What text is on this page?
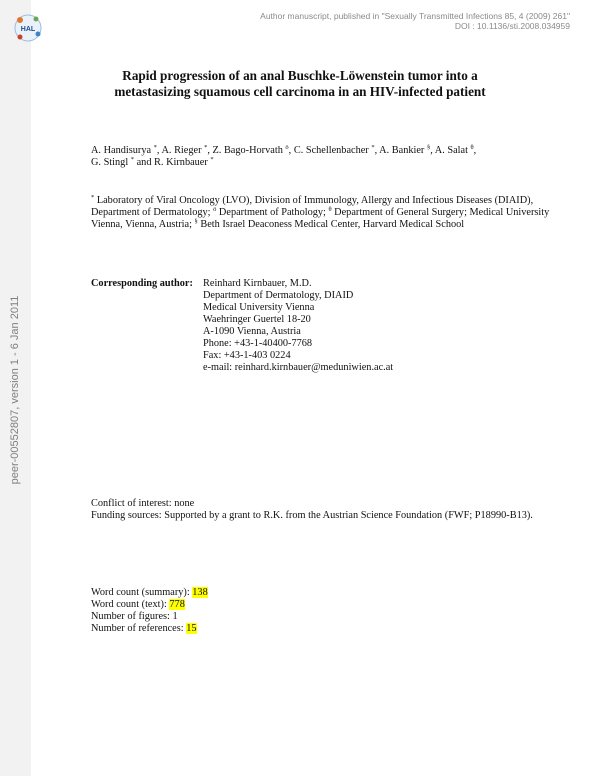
peer-00552807, version 1 - 6 Jan 2011
HAL
Author manuscript, published in "Sexually Transmitted Infections 85, 4 (2009) 261"
DOI : 10.1136/sti.2008.034959
Rapid progression of an anal Buschke-Löwenstein tumor into a
metastasizing squamous cell carcinoma in an HIV-infected patient
A. Handisurya *, A. Rieger *, Z. Bago-Horvath $^ö$, C. Schellenbacher *, A. Bankier §, A. Salat $^\theta$,
G. Stingl * and R. Kirnbauer *
* Laboratory of Viral Oncology (LVO), Division of Immunology, Allergy and Infectious Diseases (DIAID), Department of Dermatology; $^ö$ Department of Pathology; $^\theta$ Department of General Surgery; Medical University Vienna, Vienna, Austria; § Beth Israel Deaconess Medical Center, Harvard Medical School
Corresponding author: Reinhard Kirnbauer, M.D.
Department of Dermatology, DIAID
Medical University Vienna
Waehringer Guertel 18-20
A-1090 Vienna, Austria
Phone: +43-1-40400-7768
Fax: +43-1-403 0224
e-mail: reinhard.kirnbauer@meduniwien.ac.at

Conflict of interest: none

Funding sources: Supported by a grant to R.K. from the Austrian Science Foundation (FWF; P18990-B13).

Word count (summary): 138
Word count (text): 778
Number of figures: 1
Number of references: 15
